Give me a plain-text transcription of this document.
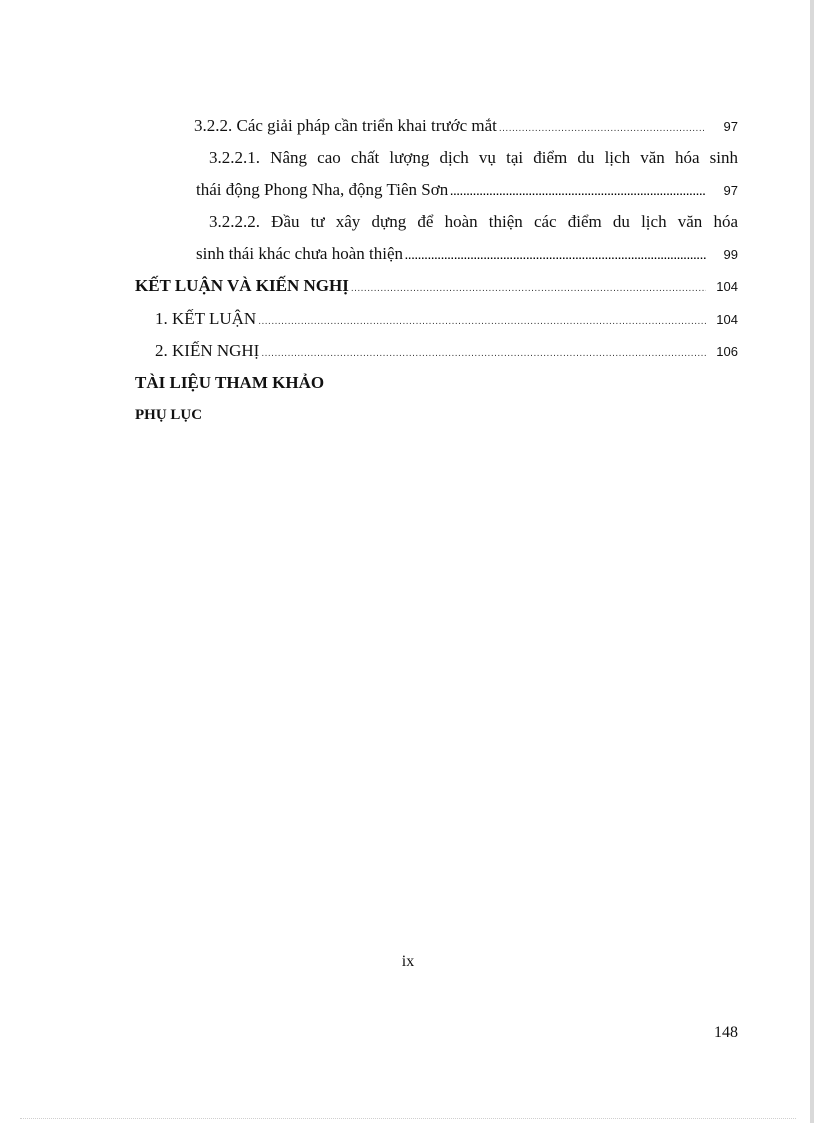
3.2.2. Các giải pháp cần triển khai trước mắt .....	97
3.2.2.1. Nâng cao chất lượng dịch vụ tại điểm du lịch văn hóa sinh
thái động Phong Nha, động Tiên Sơn .....	97
3.2.2.2. Đầu tư xây dựng để hoàn thiện các điểm du lịch văn hóa
sinh thái khác chưa hoàn thiện .....	99
KẾT LUẬN VÀ KIẾN NGHỊ .....	104
1. KẾT LUẬN .....	104
2. KIẾN NGHỊ .....	106
TÀI LIỆU THAM KHẢO
PHỤ LỤC
ix
148
